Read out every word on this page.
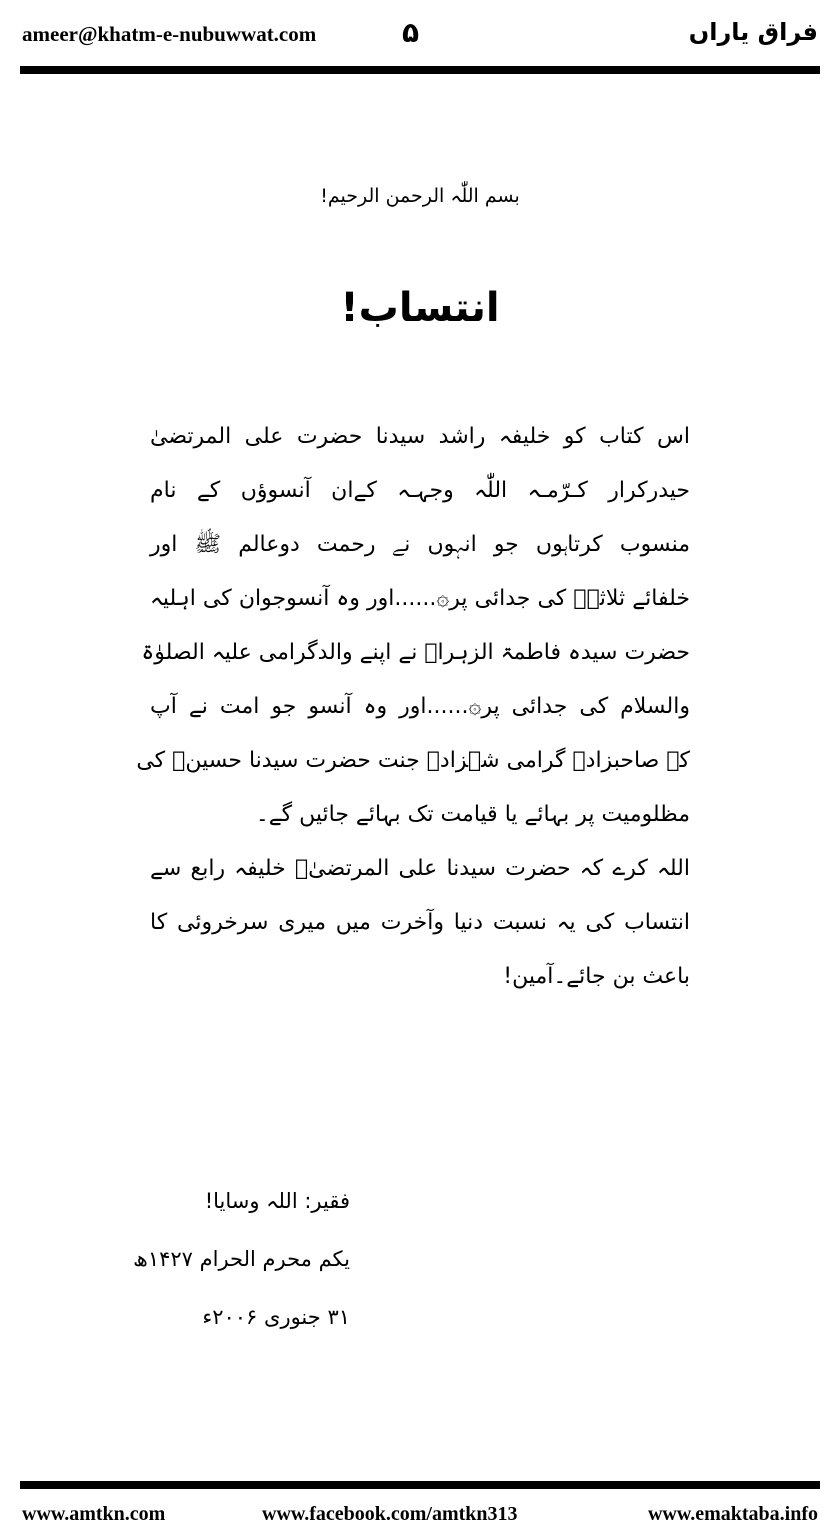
ameer@khatm-e-nubuwwat.com	۵	فراق یاراں
بسم اللّٰہ الرحمن الرحیم!
انتساب!
اس کتاب کو خلیفہ راشد سیدنا حضرت علی المرتضیٰ
حیدرکرار کـرّمـہ اللّٰہ وجہـہ کےان آنسوؤں کے نام
منسوب کرتاہوں جو انہوں نے رحمت دوعالم ﷺ اور
خلفائے ثلاثہؓ کی جدائی پر۞......اور وہ آنسوجوان کی اہلیہ
حضرت سیدہ فاطمۃ الزہراؓ نے اپنے والدگرامی علیہ الصلوٰۃ
والسلام کی جدائی پر۞......اور وہ آنسو جو امت نے آپ
کے صاحبزادہ گرامی شہزادۂ جنت حضرت سیدنا حسینؓ کی
مظلومیت پر بہائے یا قیامت تک بہائے جائیں گے۔
اللہ کرے کہ حضرت سیدنا علی المرتضیٰؓ خلیفہ رابع سے
انتساب کی یہ نسبت دنیا وآخرت میں میری سرخروئی کا
باعث بن جائے۔آمین!
فقیر: اللہ وسایا!
یکم محرم الحرام ۱۴۲۷ھ
۳۱ جنوری ۲۰۰۶ء
www.amtkn.com	www.facebook.com/amtkn313	www.emaktaba.info
